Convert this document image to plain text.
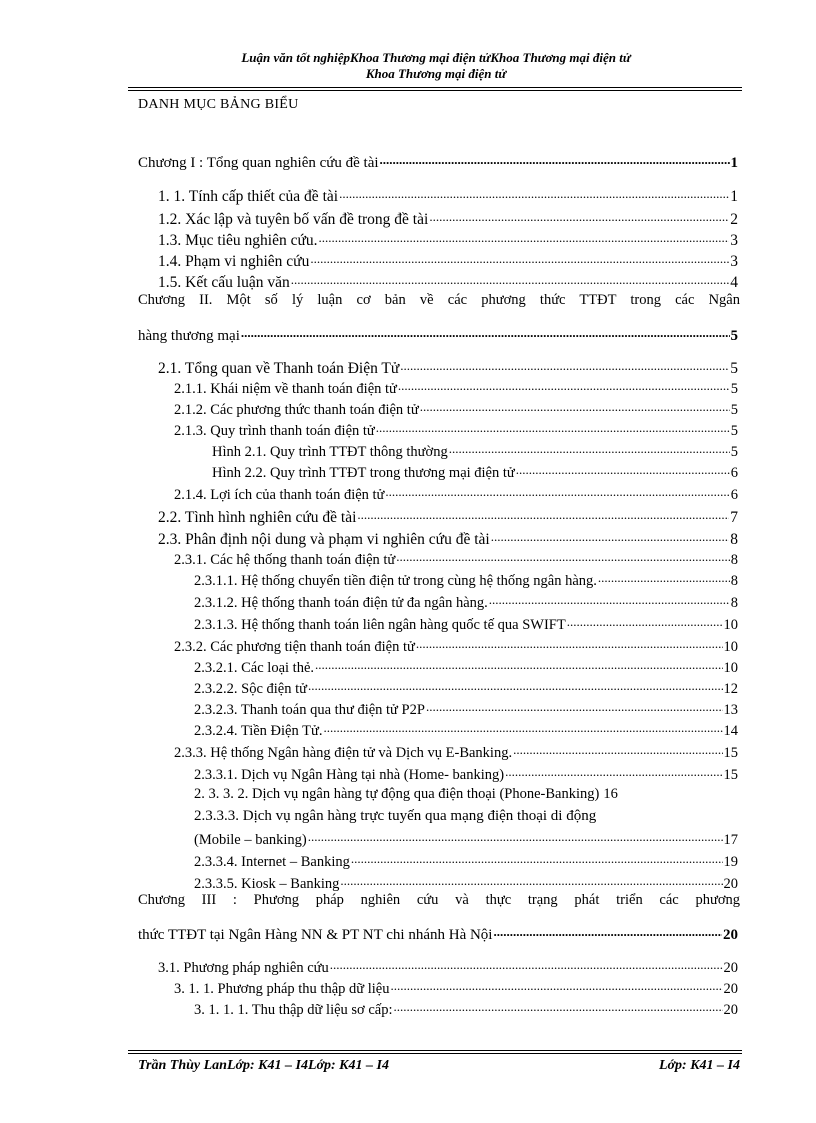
Luận văn tốt nghiệpKhoa Thương mại điện tửKhoa Thương mại điện tử
Khoa Thương mại điện tử
DANH MỤC BẢNG BIỂU
Chương I : Tổng quan nghiên cứu đề tài .....	1
1. 1. Tính cấp thiết của đề tài .....	1
1.2. Xác lập và tuyên bố vấn đề trong đề tài .....	2
1.3. Mục tiêu nghiên cứu. .....	3
1.4. Phạm vi nghiên cứu .....	3
1.5. Kết cấu luận văn .....	4
Chương II. Một số lý luận cơ bản về các phương thức TTĐT trong các Ngân
hàng thương mại .....	5
2.1. Tổng quan về Thanh toán Điện Tử .....	5
2.1.1. Khái niệm về thanh toán điện tử .....	5
2.1.2. Các phương thức thanh toán điện tử .....	5
2.1.3. Quy trình thanh toán điện tử .....	5
Hình 2.1. Quy trình TTĐT thông thường .....	5
Hình 2.2. Quy trình TTĐT trong thương mại điện tử .....	6
2.1.4. Lợi ích của thanh toán điện tử .....	6
2.2. Tình hình nghiên cứu đề tài .....	7
2.3. Phân định nội dung và phạm vi nghiên cứu đề tài .....	8
2.3.1. Các hệ thống thanh toán điện tử .....	8
2.3.1.1. Hệ thống chuyển tiền điện tử trong cùng hệ thống ngân hàng. .....	8
2.3.1.2. Hệ thống thanh toán điện tử đa ngân hàng. .....	8
2.3.1.3. Hệ thống thanh toán liên ngân hàng quốc tế qua SWIFT .....	10
2.3.2. Các phương tiện thanh toán điện tử .....	10
2.3.2.1. Các loại thẻ. .....	10
2.3.2.2. Sộc điện tử .....	12
2.3.2.3. Thanh toán qua thư điện tử P2P .....	13
2.3.2.4. Tiền Điện Tử. .....	14
2.3.3. Hệ thống Ngân hàng điện tử và Dịch vụ E-Banking. .....	15
2.3.3.1. Dịch vụ Ngân Hàng tại nhà (Home- banking) .....	15
2. 3. 3. 2. Dịch vụ ngân hàng tự động qua điện thoại (Phone-Banking) 16
2.3.3.3. Dịch vụ ngân hàng trực tuyến qua mạng điện thoại di động
(Mobile – banking) .....	17
2.3.3.4. Internet – Banking .....	19
2.3.3.5. Kiosk – Banking .....	20
Chương III : Phương pháp nghiên cứu và thực trạng phát triển các phương
thức TTĐT tại Ngân Hàng NN & PT NT chi nhánh Hà Nội .....	20
3.1. Phương pháp nghiên cứu .....	20
3. 1. 1. Phương pháp thu thập dữ liệu .....	20
3. 1. 1. 1. Thu thập dữ liệu sơ cấp: .....	20
Trần Thùy LanLớp: K41 – I4Lớp: K41 – I4	Lớp: K41 – I4
